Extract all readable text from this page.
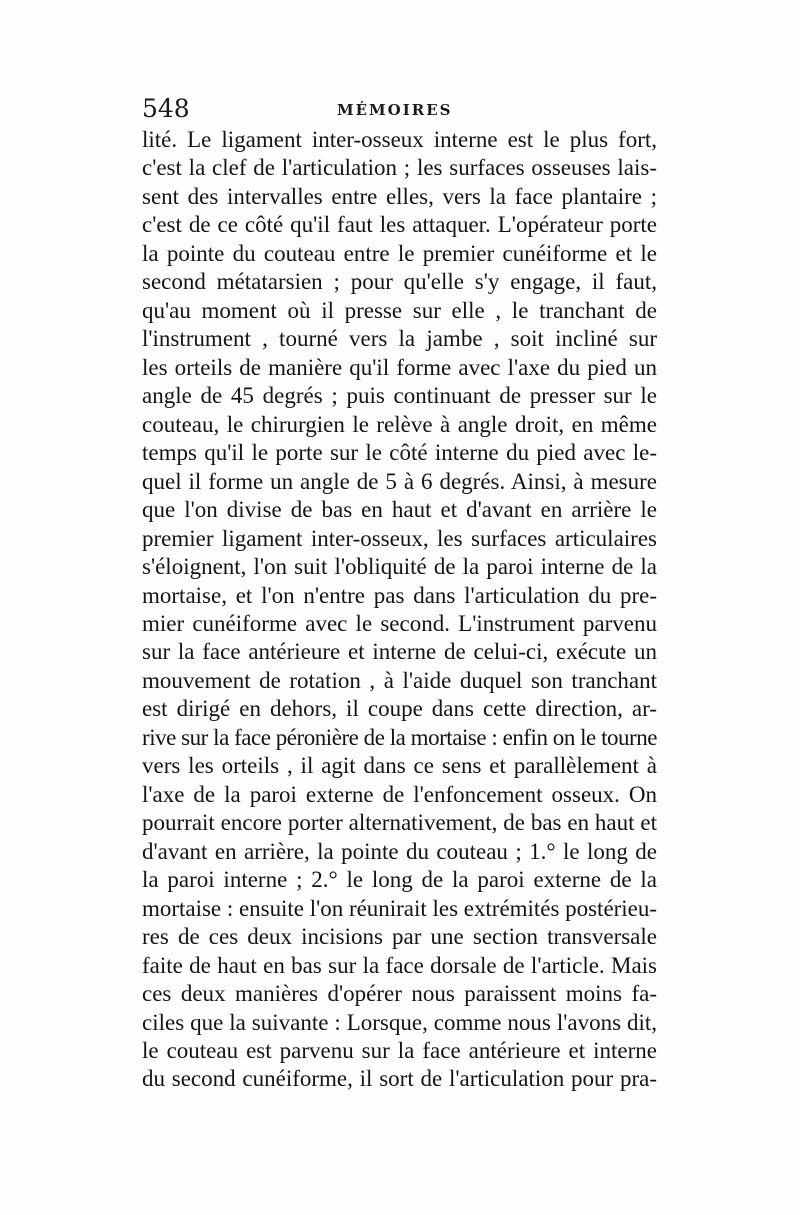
548	MÉMOIRES
lité. Le ligament inter-osseux interne est le plus fort,
c'est la clef de l'articulation ; les surfaces osseuses lais-
sent des intervalles entre elles, vers la face plantaire ;
c'est de ce côté qu'il faut les attaquer. L'opérateur porte
la pointe du couteau entre le premier cunéiforme et le
second métatarsien ; pour qu'elle s'y engage, il faut,
qu'au moment où il presse sur elle , le tranchant de
l'instrument , tourné vers la jambe , soit incliné sur
les orteils de manière qu'il forme avec l'axe du pied un
angle de 45 degrés ; puis continuant de presser sur le
couteau, le chirurgien le relève à angle droit, en même
temps qu'il le porte sur le côté interne du pied avec le-
quel il forme un angle de 5 à 6 degrés. Ainsi, à mesure
que l'on divise de bas en haut et d'avant en arrière le
premier ligament inter-osseux, les surfaces articulaires
s'éloignent, l'on suit l'obliquité de la paroi interne de la
mortaise, et l'on n'entre pas dans l'articulation du pre-
mier cunéiforme avec le second. L'instrument parvenu
sur la face antérieure et interne de celui-ci, exécute un
mouvement de rotation , à l'aide duquel son tranchant
est dirigé en dehors, il coupe dans cette direction, ar-
rive sur la face péronière de la mortaise : enfin on le tourne
vers les orteils , il agit dans ce sens et parallèlement à
l'axe de la paroi externe de l'enfoncement osseux. On
pourrait encore porter alternativement, de bas en haut et
d'avant en arrière, la pointe du couteau ; 1.° le long de
la paroi interne ; 2.° le long de la paroi externe de la
mortaise : ensuite l'on réunirait les extrémités postérieu-
res de ces deux incisions par une section transversale
faite de haut en bas sur la face dorsale de l'article. Mais
ces deux manières d'opérer nous paraissent moins fa-
ciles que la suivante : Lorsque, comme nous l'avons dit,
le couteau est parvenu sur la face antérieure et interne
du second cunéiforme, il sort de l'articulation pour pra-
